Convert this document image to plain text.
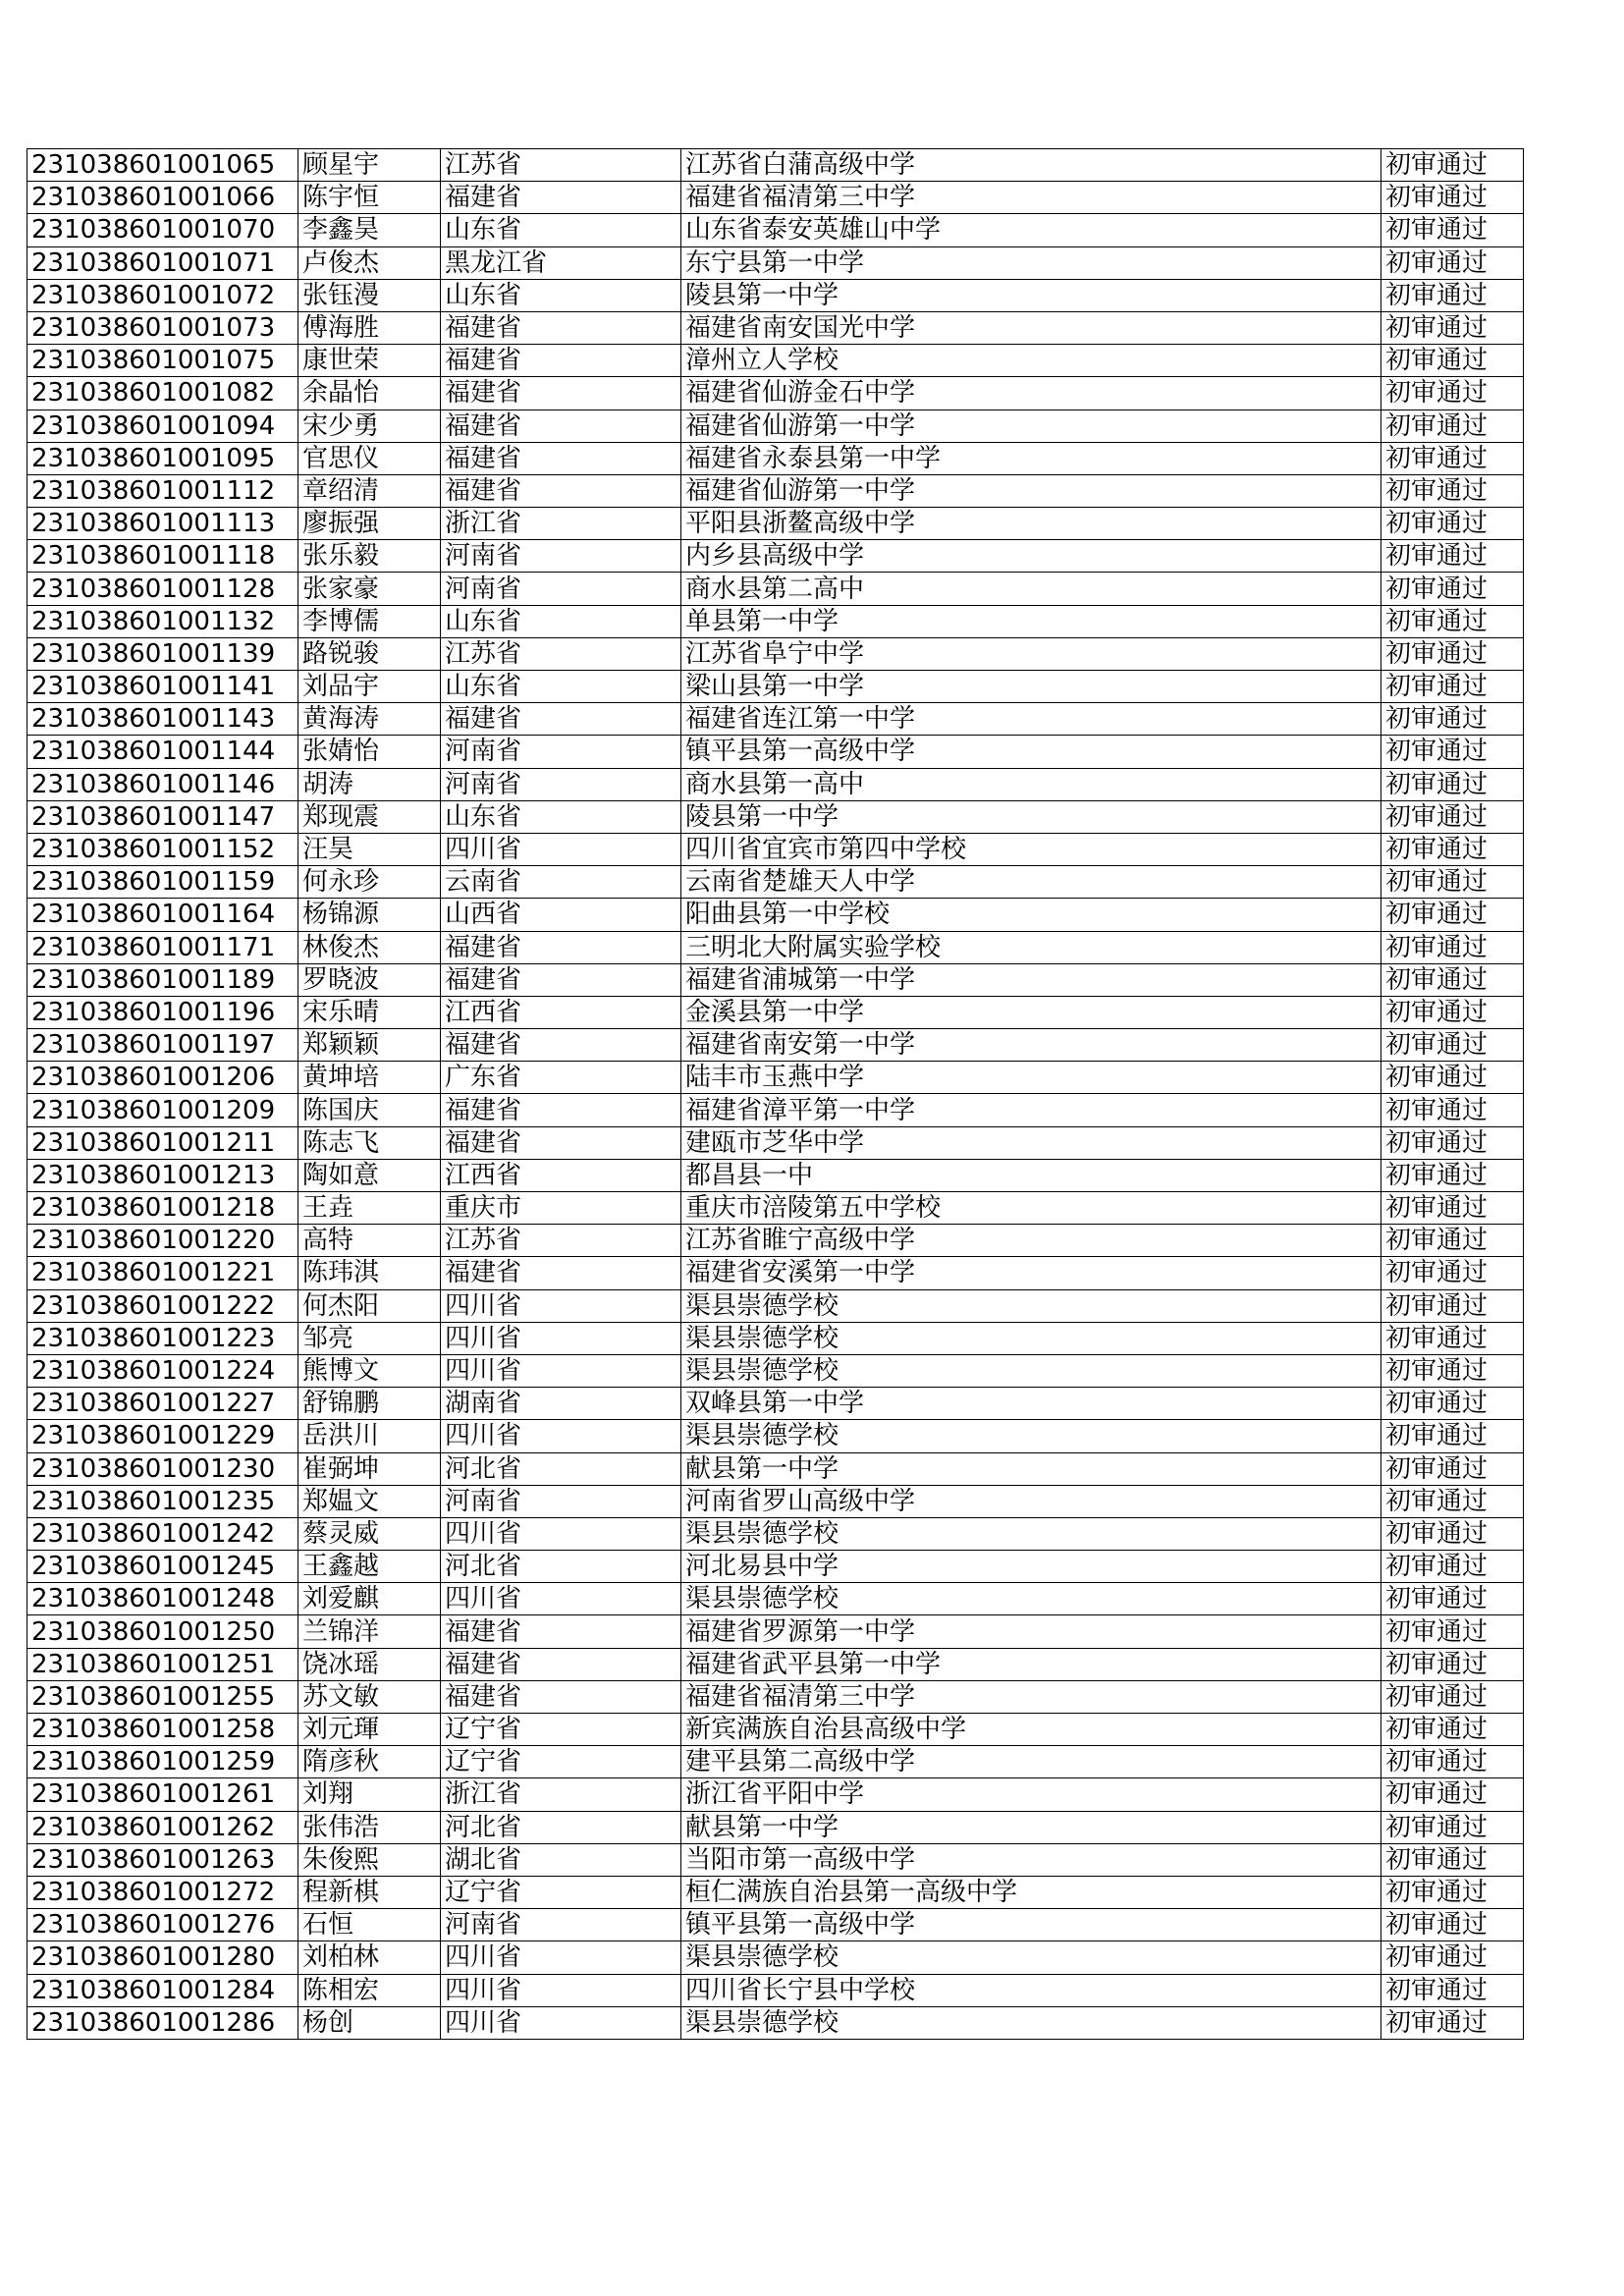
231038601001065	顾星宇	江苏省	江苏省白蒲高级中学	初审通过
231038601001066	陈宇恒	福建省	福建省福清第三中学	初审通过
231038601001070	李鑫昊	山东省	山东省泰安英雄山中学	初审通过
231038601001071	卢俊杰	黑龙江省	东宁县第一中学	初审通过
231038601001072	张钰漫	山东省	陵县第一中学	初审通过
231038601001073	傅海胜	福建省	福建省南安国光中学	初审通过
231038601001075	康世荣	福建省	漳州立人学校	初审通过
231038601001082	余晶怡	福建省	福建省仙游金石中学	初审通过
231038601001094	宋少勇	福建省	福建省仙游第一中学	初审通过
231038601001095	官思仪	福建省	福建省永泰县第一中学	初审通过
231038601001112	章绍清	福建省	福建省仙游第一中学	初审通过
231038601001113	廖振强	浙江省	平阳县浙鳌高级中学	初审通过
231038601001118	张乐毅	河南省	内乡县高级中学	初审通过
231038601001128	张家豪	河南省	商水县第二高中	初审通过
231038601001132	李博儒	山东省	单县第一中学	初审通过
231038601001139	路锐骏	江苏省	江苏省阜宁中学	初审通过
231038601001141	刘品宇	山东省	梁山县第一中学	初审通过
231038601001143	黄海涛	福建省	福建省连江第一中学	初审通过
231038601001144	张婧怡	河南省	镇平县第一高级中学	初审通过
231038601001146	胡涛	河南省	商水县第一高中	初审通过
231038601001147	郑现震	山东省	陵县第一中学	初审通过
231038601001152	汪昊	四川省	四川省宜宾市第四中学校	初审通过
231038601001159	何永珍	云南省	云南省楚雄天人中学	初审通过
231038601001164	杨锦源	山西省	阳曲县第一中学校	初审通过
231038601001171	林俊杰	福建省	三明北大附属实验学校	初审通过
231038601001189	罗晓波	福建省	福建省浦城第一中学	初审通过
231038601001196	宋乐晴	江西省	金溪县第一中学	初审通过
231038601001197	郑颖颖	福建省	福建省南安第一中学	初审通过
231038601001206	黄坤培	广东省	陆丰市玉燕中学	初审通过
231038601001209	陈国庆	福建省	福建省漳平第一中学	初审通过
231038601001211	陈志飞	福建省	建瓯市芝华中学	初审通过
231038601001213	陶如意	江西省	都昌县一中	初审通过
231038601001218	王垚	重庆市	重庆市涪陵第五中学校	初审通过
231038601001220	高特	江苏省	江苏省睢宁高级中学	初审通过
231038601001221	陈玮淇	福建省	福建省安溪第一中学	初审通过
231038601001222	何杰阳	四川省	渠县崇德学校	初审通过
231038601001223	邹亮	四川省	渠县崇德学校	初审通过
231038601001224	熊博文	四川省	渠县崇德学校	初审通过
231038601001227	舒锦鹏	湖南省	双峰县第一中学	初审通过
231038601001229	岳洪川	四川省	渠县崇德学校	初审通过
231038601001230	崔弼坤	河北省	献县第一中学	初审通过
231038601001235	郑媪文	河南省	河南省罗山高级中学	初审通过
231038601001242	蔡灵威	四川省	渠县崇德学校	初审通过
231038601001245	王鑫越	河北省	河北易县中学	初审通过
231038601001248	刘爱麒	四川省	渠县崇德学校	初审通过
231038601001250	兰锦洋	福建省	福建省罗源第一中学	初审通过
231038601001251	饶冰瑶	福建省	福建省武平县第一中学	初审通过
231038601001255	苏文敏	福建省	福建省福清第三中学	初审通过
231038601001258	刘元琿	辽宁省	新宾满族自治县高级中学	初审通过
231038601001259	隋彦秋	辽宁省	建平县第二高级中学	初审通过
231038601001261	刘翔	浙江省	浙江省平阳中学	初审通过
231038601001262	张伟浩	河北省	献县第一中学	初审通过
231038601001263	朱俊熙	湖北省	当阳市第一高级中学	初审通过
231038601001272	程新棋	辽宁省	桓仁满族自治县第一高级中学	初审通过
231038601001276	石恒	河南省	镇平县第一高级中学	初审通过
231038601001280	刘柏林	四川省	渠县崇德学校	初审通过
231038601001284	陈相宏	四川省	四川省长宁县中学校	初审通过
231038601001286	杨创	四川省	渠县崇德学校	初审通过
